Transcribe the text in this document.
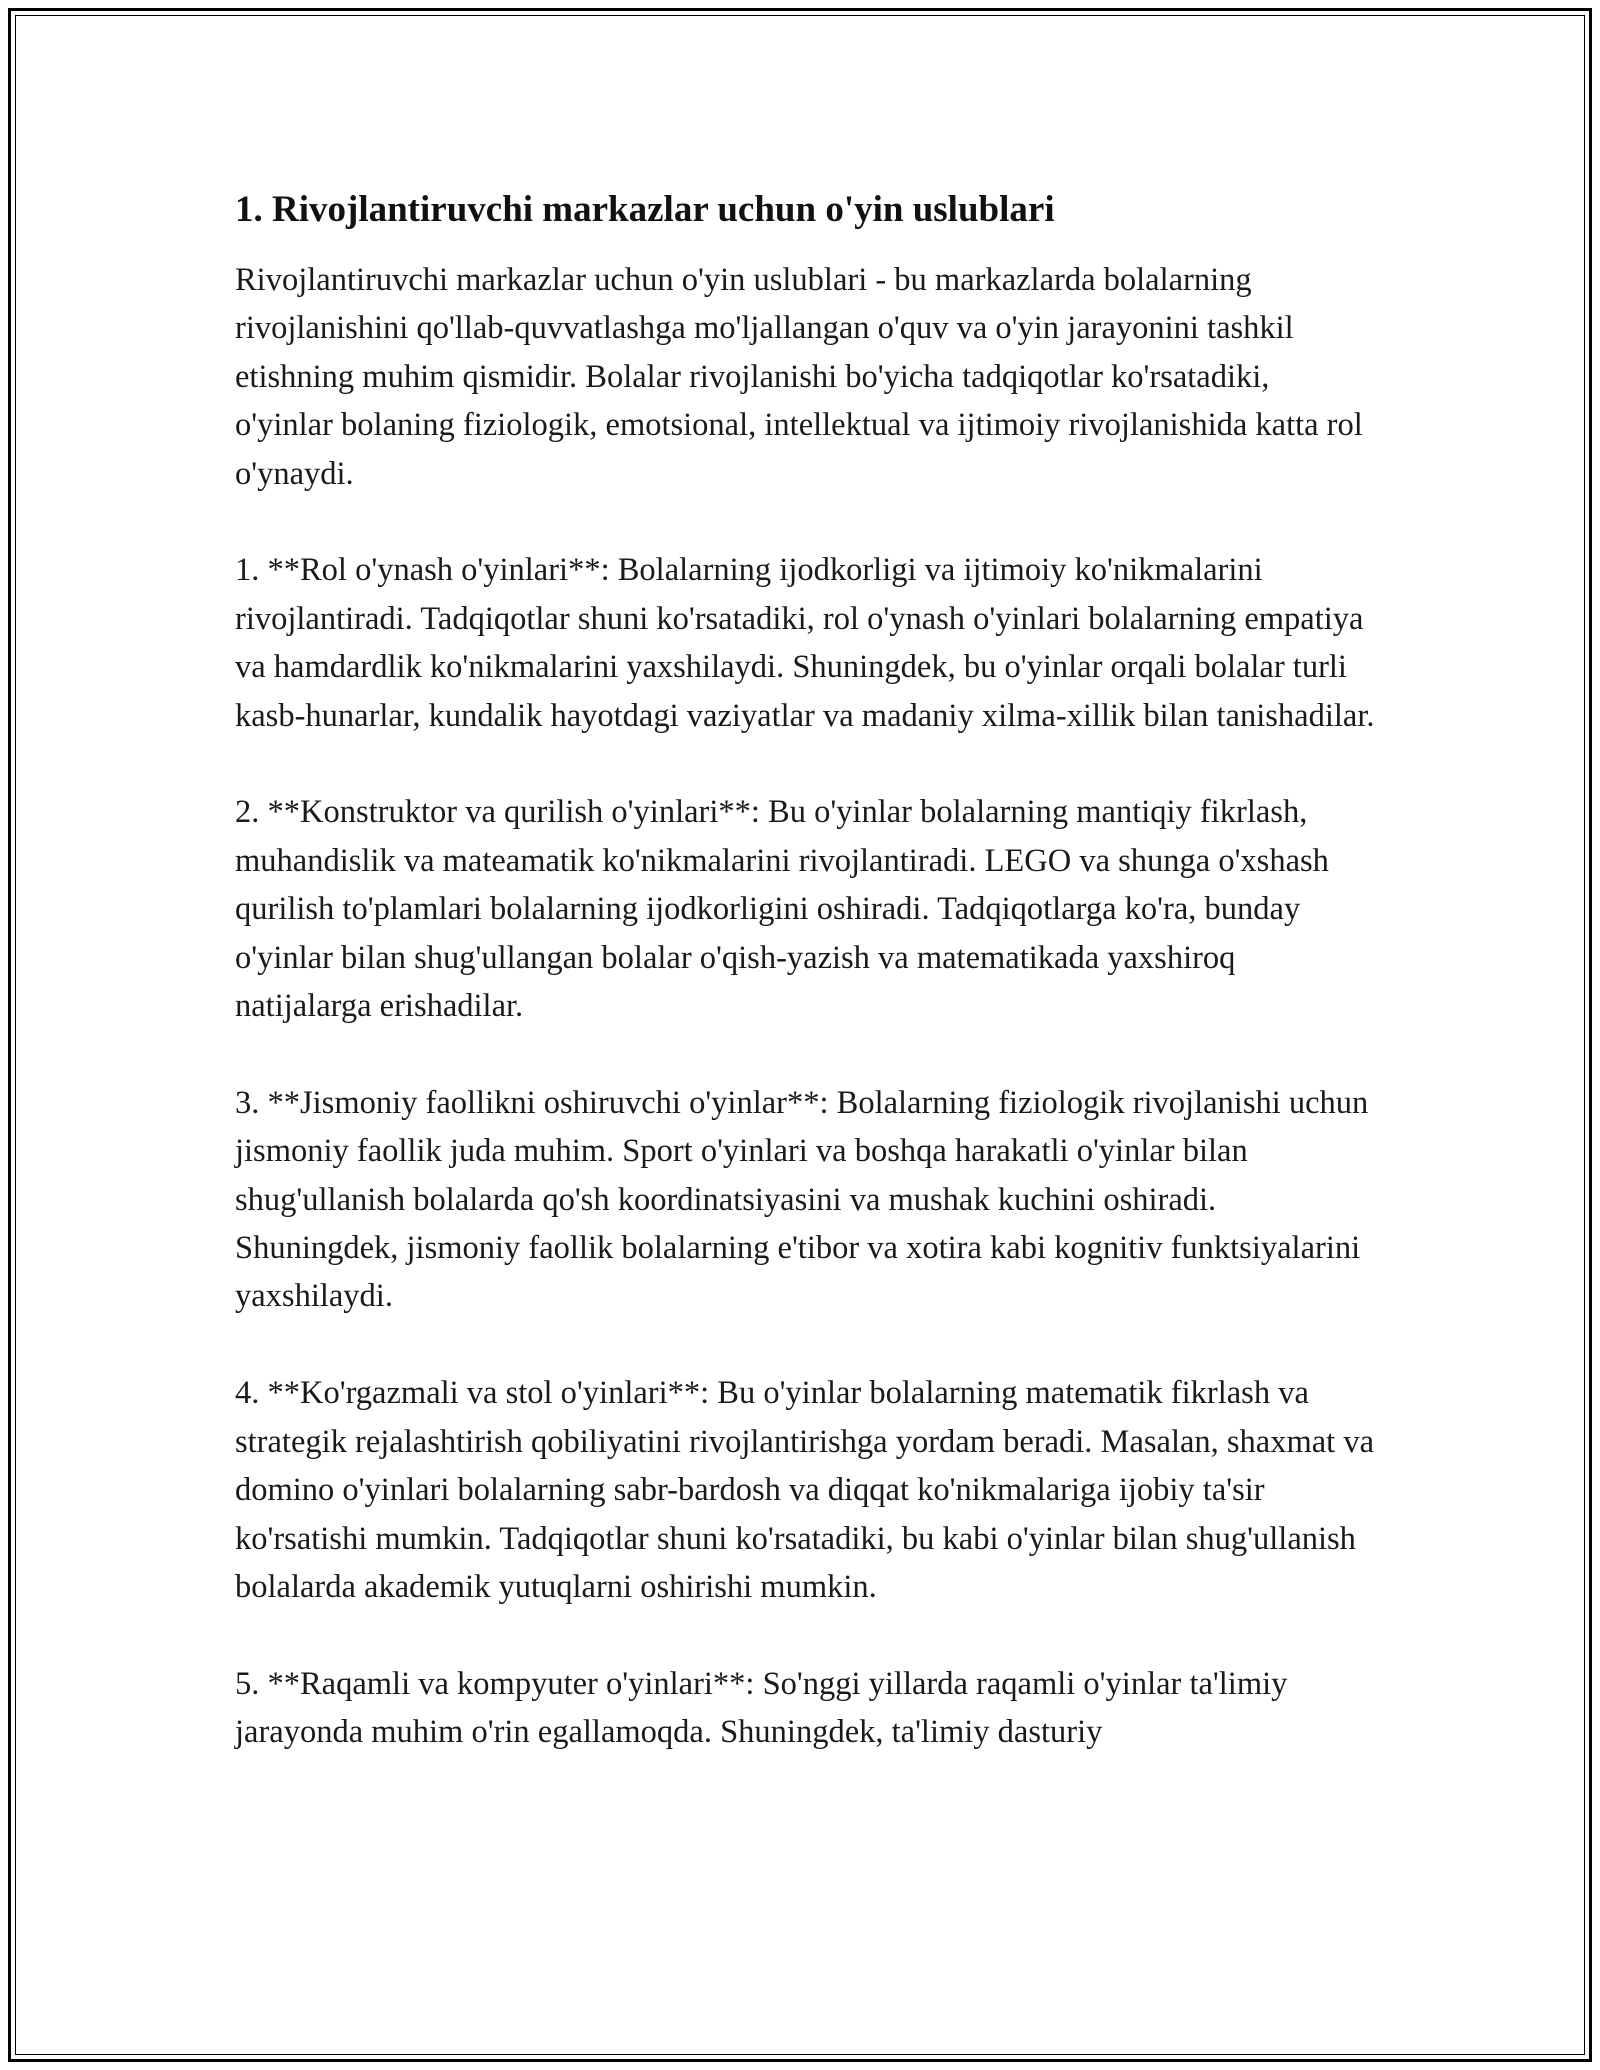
1. Rivojlantiruvchi markazlar uchun o'yin uslublari

Rivojlantiruvchi markazlar uchun o'yin uslublari - bu markazlarda bolalarning rivojlanishini qo'llab-quvvatlashga mo'ljallangan o'quv va o'yin jarayonini tashkil etishning muhim qismidir. Bolalar rivojlanishi bo'yicha tadqiqotlar ko'rsatadiki, o'yinlar bolaning fiziologik, emotsional, intellektual va ijtimoiy rivojlanishida katta rol o'ynaydi.

1. **Rol o'ynash o'yinlari**: Bolalarning ijodkorligi va ijtimoiy ko'nikmalarini rivojlantiradi. Tadqiqotlar shuni ko'rsatadiki, rol o'ynash o'yinlari bolalarning empatiya va hamdardlik ko'nikmalarini yaxshilaydi. Shuningdek, bu o'yinlar orqali bolalar turli kasb-hunarlar, kundalik hayotdagi vaziyatlar va madaniy xilma-xillik bilan tanishadilar.

2. **Konstruktor va qurilish o'yinlari**: Bu o'yinlar bolalarning mantiqiy fikrlash, muhandislik va mateamatik ko'nikmalarini rivojlantiradi. LEGO va shunga o'xshash qurilish to'plamlari bolalarning ijodkorligini oshiradi. Tadqiqotlarga ko'ra, bunday o'yinlar bilan shug'ullangan bolalar o'qish-yazish va matematikada yaxshiroq natijalarga erishadilar.

3. **Jismoniy faollikni oshiruvchi o'yinlar**: Bolalarning fiziologik rivojlanishi uchun jismoniy faollik juda muhim. Sport o'yinlari va boshqa harakatli o'yinlar bilan shug'ullanish bolalarda qo'sh koordinatsiyasini va mushak kuchini oshiradi. Shuningdek, jismoniy faollik bolalarning e'tibor va xotira kabi kognitiv funktsiyalarini yaxshilaydi.

4. **Ko'rgazmali va stol o'yinlari**: Bu o'yinlar bolalarning matematik fikrlash va strategik rejalashtirish qobiliyatini rivojlantirishga yordam beradi. Masalan, shaxmat va domino o'yinlari bolalarning sabr-bardosh va diqqat ko'nikmalariga ijobiy ta'sir ko'rsatishi mumkin. Tadqiqotlar shuni ko'rsatadiki, bu kabi o'yinlar bilan shug'ullanish bolalarda akademik yutuqlarni oshirishi mumkin.

5. **Raqamli va kompyuter o'yinlari**: So'nggi yillarda raqamli o'yinlar ta'limiy jarayonda muhim o'rin egallamoqda. Shuningdek, ta'limiy dasturiy
